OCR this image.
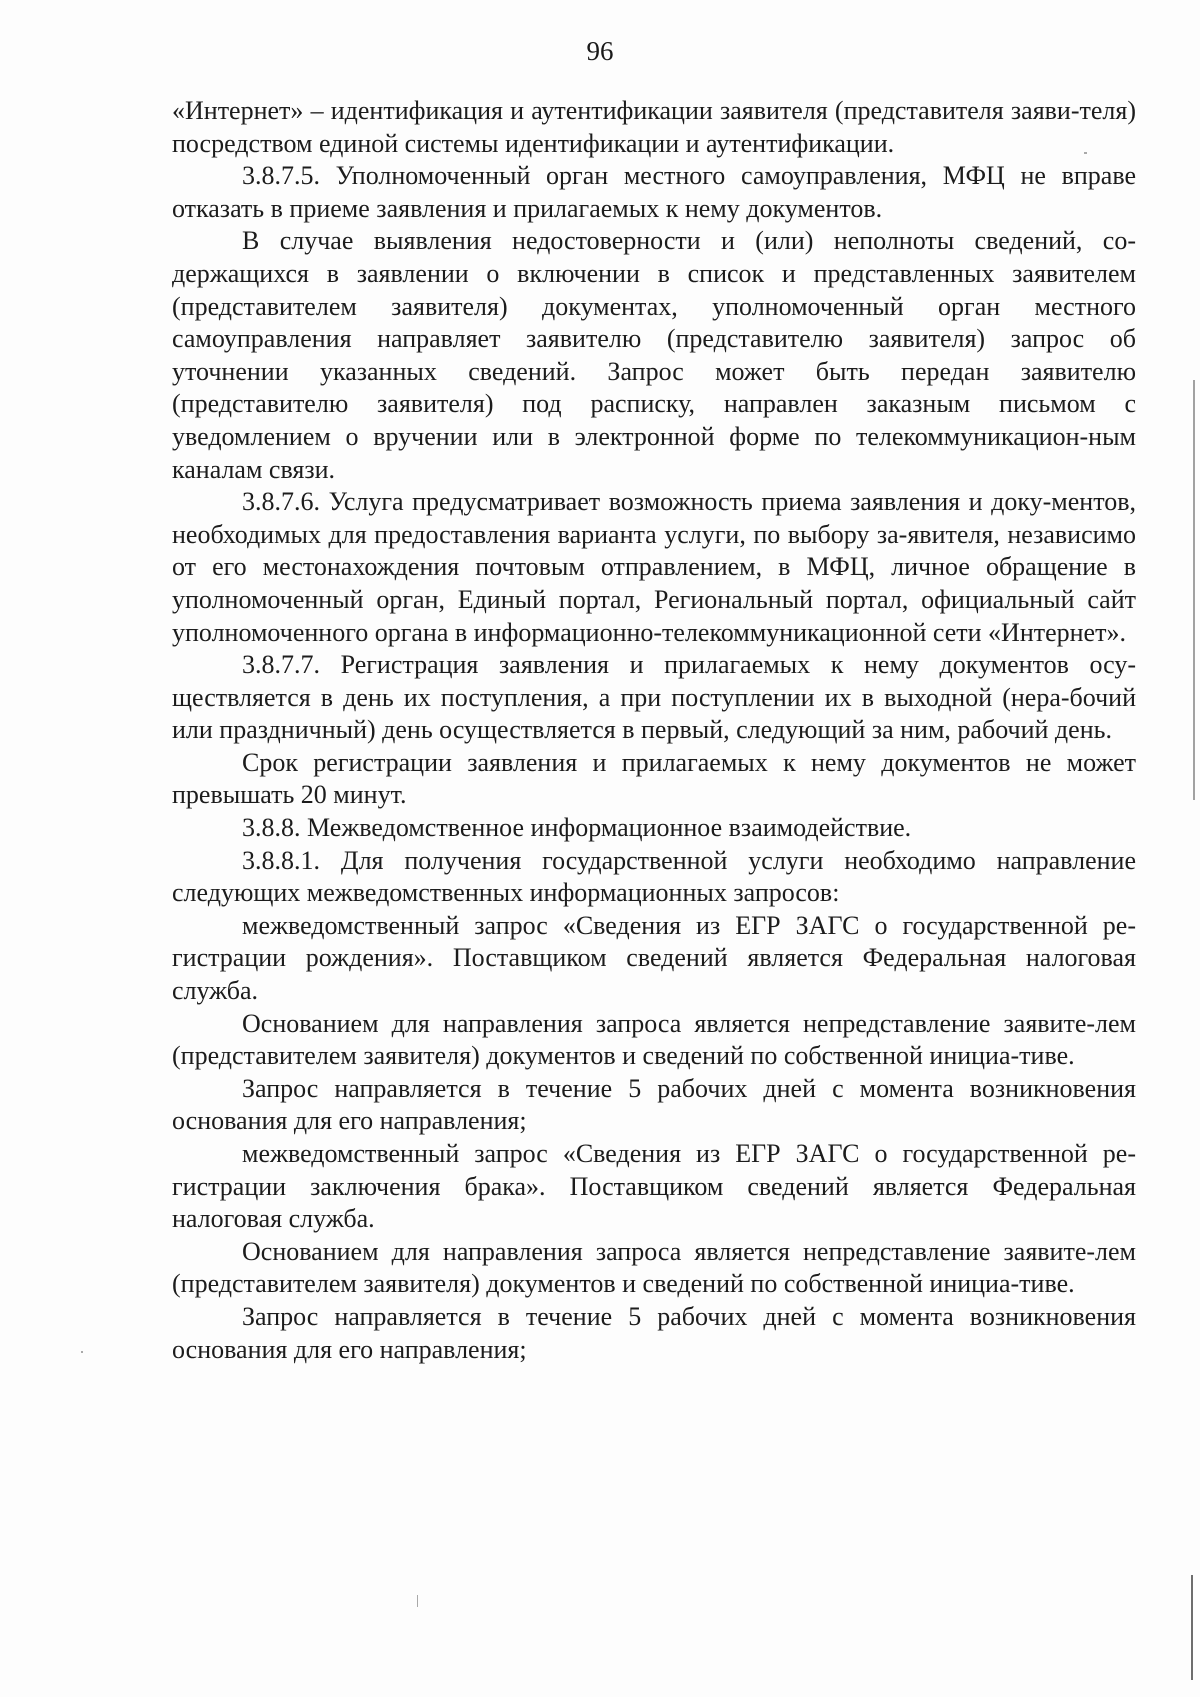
96

«Интернет» – идентификация и аутентификации заявителя (представителя заяви-теля) посредством единой системы идентификации и аутентификации.

3.8.7.5. Уполномоченный орган местного самоуправления, МФЦ не вправе отказать в приеме заявления и прилагаемых к нему документов.

В случае выявления недостоверности и (или) неполноты сведений, со-держащихся в заявлении о включении в список и представленных заявителем (представителем заявителя) документах, уполномоченный орган местного самоуправления направляет заявителю (представителю заявителя) запрос об уточнении указанных сведений. Запрос может быть передан заявителю (представителю заявителя) под расписку, направлен заказным письмом с уведомлением о вручении или в электронной форме по телекоммуникацион-ным каналам связи.

3.8.7.6. Услуга предусматривает возможность приема заявления и доку-ментов, необходимых для предоставления варианта услуги, по выбору за-явителя, независимо от его местонахождения почтовым отправлением, в МФЦ, личное обращение в уполномоченный орган, Единый портал, Региональный портал, официальный сайт уполномоченного органа в информационно-телекоммуникационной сети «Интернет».

3.8.7.7. Регистрация заявления и прилагаемых к нему документов осу-ществляется в день их поступления, а при поступлении их в выходной (нера-бочий или праздничный) день осуществляется в первый, следующий за ним, рабочий день.

Срок регистрации заявления и прилагаемых к нему документов не может превышать 20 минут.

3.8.8. Межведомственное информационное взаимодействие.

3.8.8.1. Для получения государственной услуги необходимо направление следующих межведомственных информационных запросов:

межведомственный запрос «Сведения из ЕГР ЗАГС о государственной ре-гистрации рождения». Поставщиком сведений является Федеральная налоговая служба.

Основанием для направления запроса является непредставление заявите-лем (представителем заявителя) документов и сведений по собственной инициа-тиве.

Запрос направляется в течение 5 рабочих дней с момента возникновения основания для его направления;

межведомственный запрос «Сведения из ЕГР ЗАГС о государственной ре-гистрации заключения брака». Поставщиком сведений является Федеральная налоговая служба.

Основанием для направления запроса является непредставление заявите-лем (представителем заявителя) документов и сведений по собственной инициа-тиве.

Запрос направляется в течение 5 рабочих дней с момента возникновения основания для его направления;
